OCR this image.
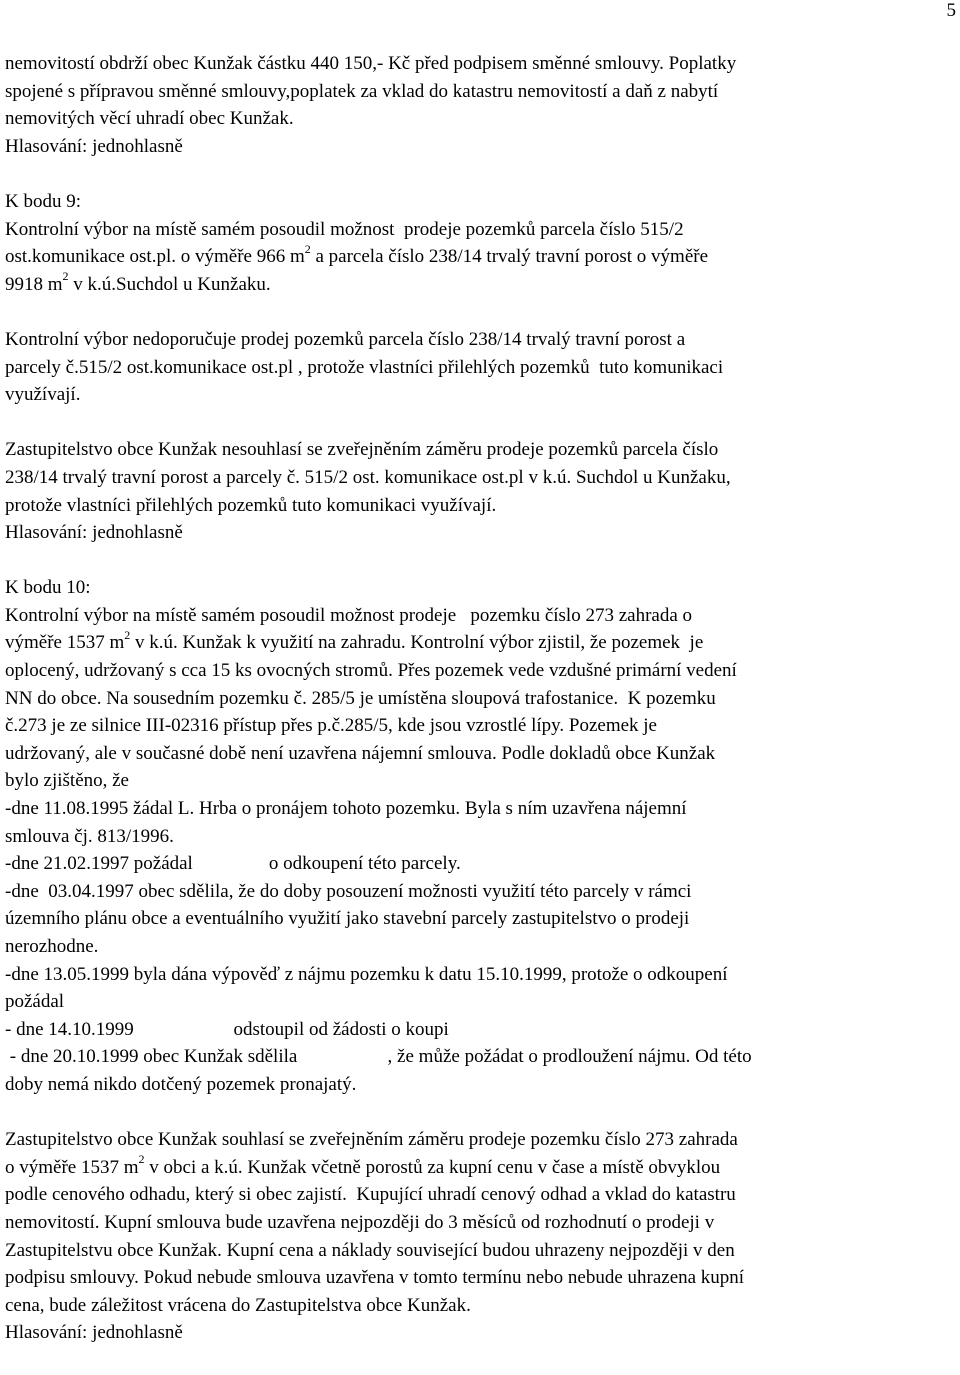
5
nemovitostí obdrží obec Kunžak částku 440 150,- Kč před podpisem směnné smlouvy. Poplatky
spojené s přípravou směnné smlouvy,poplatek za vklad do katastru nemovitostí a daň z nabytí
nemovitých věcí uhradí obec Kunžak.
Hlasování: jednohlasně
K bodu 9:
Kontrolní výbor na místě samém posoudil možnost  prodeje pozemků parcela číslo 515/2
ost.komunikace ost.pl. o výměře 966 $m^2$ a parcela číslo 238/14 trvalý travní porost o výměře
9918 $m^2$ v k.ú.Suchdol u Kunžaku.
Kontrolní výbor nedoporučuje prodej pozemků parcela číslo 238/14 trvalý travní porost a
parcely č.515/2 ost.komunikace ost.pl , protože vlastníci přilehlých pozemků  tuto komunikaci
využívají.
Zastupitelstvo obce Kunžak nesouhlasí se zveřejněním záměru prodeje pozemků parcela číslo
238/14 trvalý travní porost a parcely č. 515/2 ost. komunikace ost.pl v k.ú. Suchdol u Kunžaku,
protože vlastníci přilehlých pozemků tuto komunikaci využívají.
Hlasování: jednohlasně
K bodu 10:
Kontrolní výbor na místě samém posoudil možnost prodeje   pozemku číslo 273 zahrada o
výměře 1537 $m^2$ v k.ú. Kunžak k využití na zahradu. Kontrolní výbor zjistil, že pozemek  je
oplocený, udržovaný s cca 15 ks ovocných stromů. Přes pozemek vede vzdušné primární vedení
NN do obce. Na sousedním pozemku č. 285/5 je umístěna sloupová trafostanice.  K pozemku
č.273 je ze silnice III-02316 přístup přes p.č.285/5, kde jsou vzrostlé lípy. Pozemek je
udržovaný, ale v současné době není uzavřena nájemní smlouva. Podle dokladů obce Kunžak
bylo zjištěno, že
-dne 11.08.1995 žádal L. Hrba o pronájem tohoto pozemku. Byla s ním uzavřena nájemní
smlouva čj. 813/1996.
-dne 21.02.1997 požádal                o odkoupení této parcely.
-dne  03.04.1997 obec sdělila, že do doby posouzení možnosti využití této parcely v rámci
územního plánu obce a eventuálního využití jako stavební parcely zastupitelstvo o prodeji
nerozhodne.
-dne 13.05.1999 byla dána výpověď z nájmu pozemku k datu 15.10.1999, protože o odkoupení
požádal
- dne 14.10.1999                     odstoupil od žádosti o koupi
- dne 20.10.1999 obec Kunžak sdělila                   , že může požádat o prodloužení nájmu. Od této
doby nemá nikdo dotčený pozemek pronajatý.
Zastupitelstvo obce Kunžak souhlasí se zveřejněním záměru prodeje pozemku číslo 273 zahrada
o výměře 1537 $m^2$ v obci a k.ú. Kunžak včetně porostů za kupní cenu v čase a místě obvyklou
podle cenového odhadu, který si obec zajistí.  Kupující uhradí cenový odhad a vklad do katastru
nemovitostí. Kupní smlouva bude uzavřena nejpozději do 3 měsíců od rozhodnutí o prodeji v
Zastupitelstvu obce Kunžak. Kupní cena a náklady související budou uhrazeny nejpozději v den
podpisu smlouvy. Pokud nebude smlouva uzavřena v tomto termínu nebo nebude uhrazena kupní
cena, bude záležitost vrácena do Zastupitelstva obce Kunžak.
Hlasování: jednohlasně
